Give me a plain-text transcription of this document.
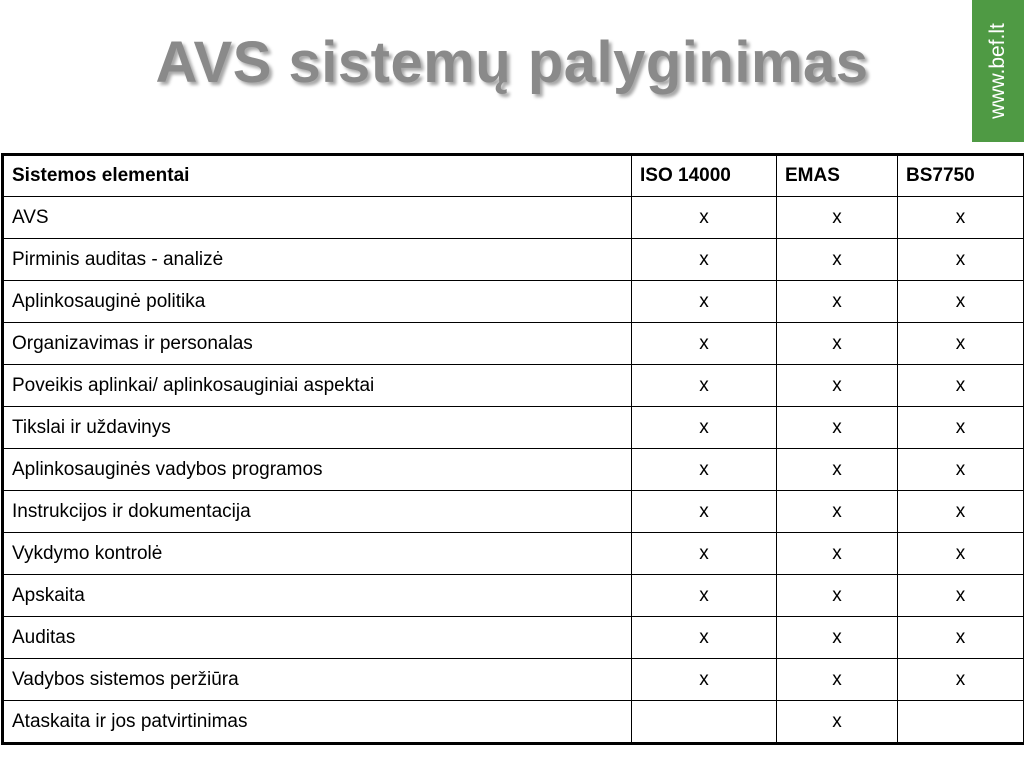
AVS sistemų palyginimas	www.bef.lt
Sistemos elementai	ISO 14000	EMAS	BS7750
AVS	x	x	x
Pirminis auditas - analizė	x	x	x
Aplinkosauginė politika	x	x	x
Organizavimas ir personalas	x	x	x
Poveikis aplinkai/ aplinkosauginiai aspektai	x	x	x
Tikslai ir uždavinys	x	x	x
Aplinkosauginės vadybos programos	x	x	x
Instrukcijos ir dokumentacija	x	x	x
Vykdymo kontrolė	x	x	x
Apskaita	x	x	x
Auditas	x	x	x
Vadybos sistemos peržiūra	x	x	x
Ataskaita ir jos patvirtinimas		x	
